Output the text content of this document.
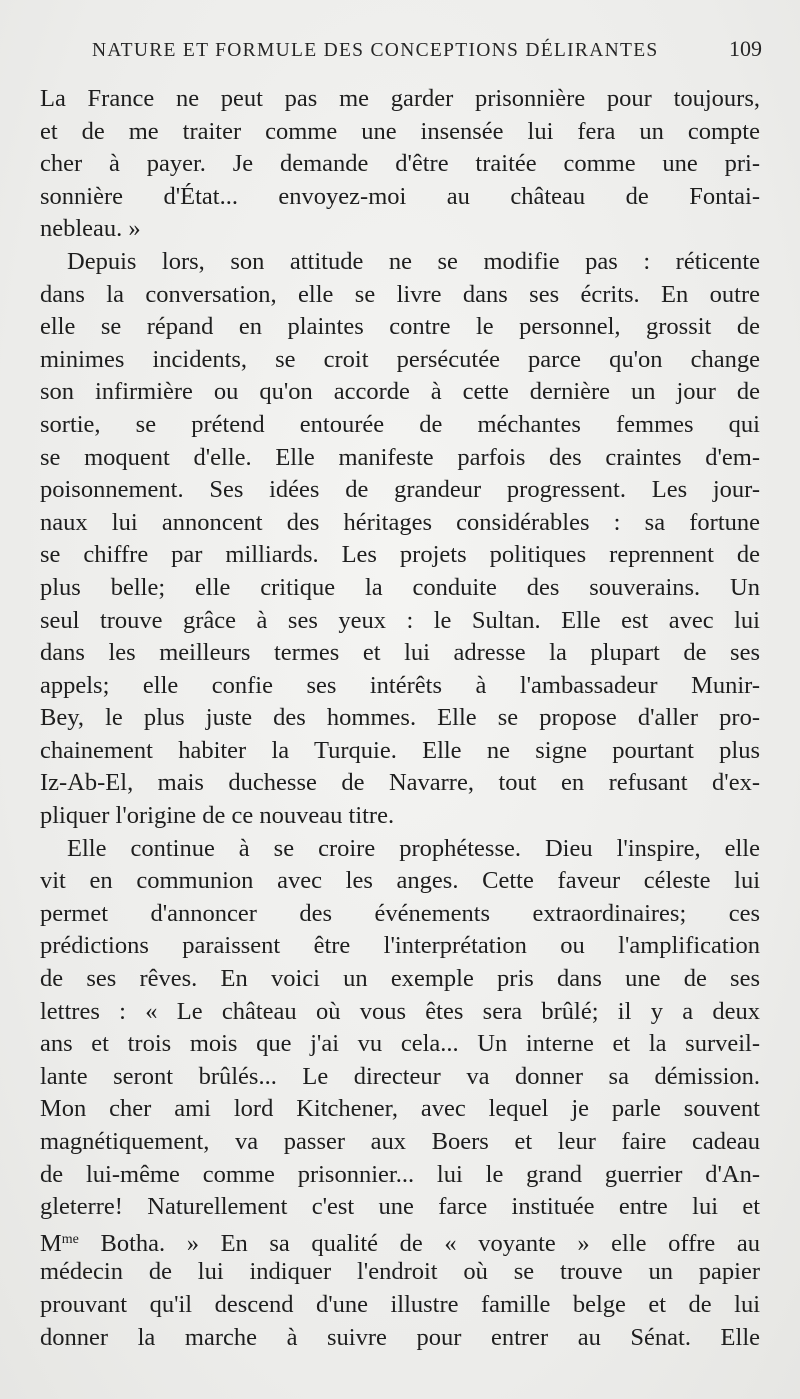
NATURE ET FORMULE DES CONCEPTIONS DÉLIRANTES	109
La France ne peut pas me garder prisonnière pour toujours,
et de me traiter comme une insensée lui fera un compte
cher à payer. Je demande d'être traitée comme une pri-
sonnière d'État... envoyez-moi au château de Fontai-
nebleau. »
Depuis lors, son attitude ne se modifie pas : réticente
dans la conversation, elle se livre dans ses écrits. En outre
elle se répand en plaintes contre le personnel, grossit de
minimes incidents, se croit persécutée parce qu'on change
son infirmière ou qu'on accorde à cette dernière un jour de
sortie, se prétend entourée de méchantes femmes qui
se moquent d'elle. Elle manifeste parfois des craintes d'em-
poisonnement. Ses idées de grandeur progressent. Les jour-
naux lui annoncent des héritages considérables : sa fortune
se chiffre par milliards. Les projets politiques reprennent de
plus belle; elle critique la conduite des souverains. Un
seul trouve grâce à ses yeux : le Sultan. Elle est avec lui
dans les meilleurs termes et lui adresse la plupart de ses
appels; elle confie ses intérêts à l'ambassadeur Munir-
Bey, le plus juste des hommes. Elle se propose d'aller pro-
chainement habiter la Turquie. Elle ne signe pourtant plus
Iz-Ab-El, mais duchesse de Navarre, tout en refusant d'ex-
pliquer l'origine de ce nouveau titre.
Elle continue à se croire prophétesse. Dieu l'inspire, elle
vit en communion avec les anges. Cette faveur céleste lui
permet d'annoncer des événements extraordinaires; ces
prédictions paraissent être l'interprétation ou l'amplification
de ses rêves. En voici un exemple pris dans une de ses
lettres : « Le château où vous êtes sera brûlé; il y a deux
ans et trois mois que j'ai vu cela... Un interne et la surveil-
lante seront brûlés... Le directeur va donner sa démission.
Mon cher ami lord Kitchener, avec lequel je parle souvent
magnétiquement, va passer aux Boers et leur faire cadeau
de lui-même comme prisonnier... lui le grand guerrier d'An-
gleterre! Naturellement c'est une farce instituée entre lui et
$M^{me}$ Botha. » En sa qualité de « voyante » elle offre au
médecin de lui indiquer l'endroit où se trouve un papier
prouvant qu'il descend d'une illustre famille belge et de lui
donner la marche à suivre pour entrer au Sénat. Elle
